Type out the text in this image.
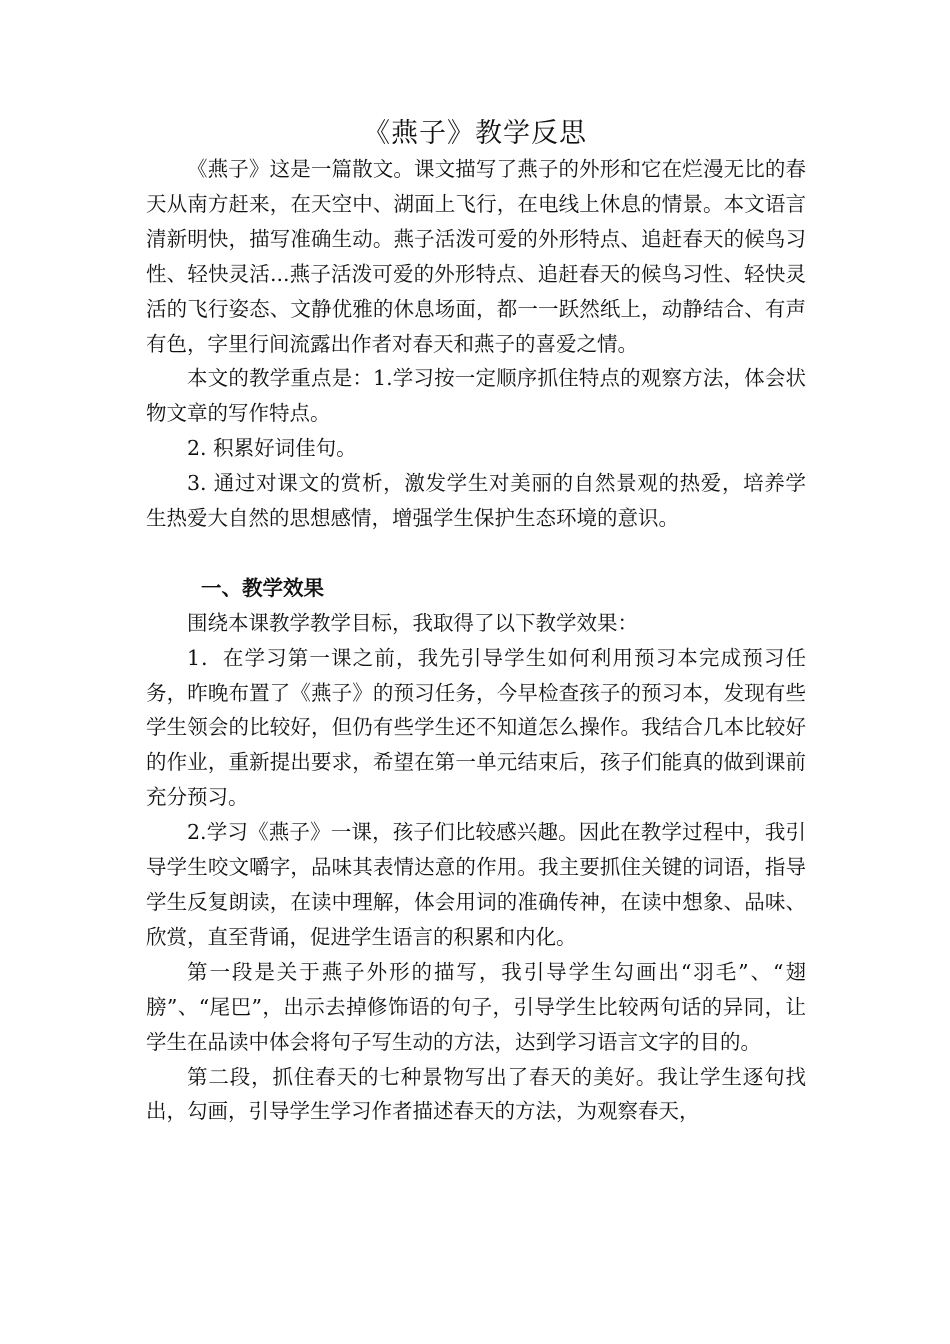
《燕子》教学反思

《燕子》这是一篇散文。课文描写了燕子的外形和它在烂漫无比的春天从南方赶来，在天空中、湖面上飞行，在电线上休息的情景。本文语言清新明快，描写准确生动。燕子活泼可爱的外形特点、追赶春天的候鸟习性、轻快灵活...燕子活泼可爱的外形特点、追赶春天的候鸟习性、轻快灵活的飞行姿态、文静优雅的休息场面，都一一跃然纸上，动静结合、有声有色，字里行间流露出作者对春天和燕子的喜爱之情。

本文的教学重点是：1.学习按一定顺序抓住特点的观察方法，体会状物文章的写作特点。

2. 积累好词佳句。

3. 通过对课文的赏析，激发学生对美丽的自然景观的热爱，培养学生热爱大自然的思想感情，增强学生保护生态环境的意识。

一、教学效果

围绕本课教学教学目标，我取得了以下教学效果：

1．在学习第一课之前，我先引导学生如何利用预习本完成预习任务，昨晚布置了《燕子》的预习任务，今早检查孩子的预习本，发现有些学生领会的比较好，但仍有些学生还不知道怎么操作。我结合几本比较好的作业，重新提出要求，希望在第一单元结束后，孩子们能真的做到课前充分预习。

2.学习《燕子》一课，孩子们比较感兴趣。因此在教学过程中，我引导学生咬文嚼字，品味其表情达意的作用。我主要抓住关键的词语，指导学生反复朗读，在读中理解，体会用词的准确传神，在读中想象、品味、欣赏，直至背诵，促进学生语言的积累和内化。

第一段是关于燕子外形的描写，我引导学生勾画出“羽毛”、“翅膀”、“尾巴”，出示去掉修饰语的句子，引导学生比较两句话的异同，让学生在品读中体会将句子写生动的方法，达到学习语言文字的目的。

第二段，抓住春天的七种景物写出了春天的美好。我让学生逐句找出，勾画，引导学生学习作者描述春天的方法，为观察春天，
